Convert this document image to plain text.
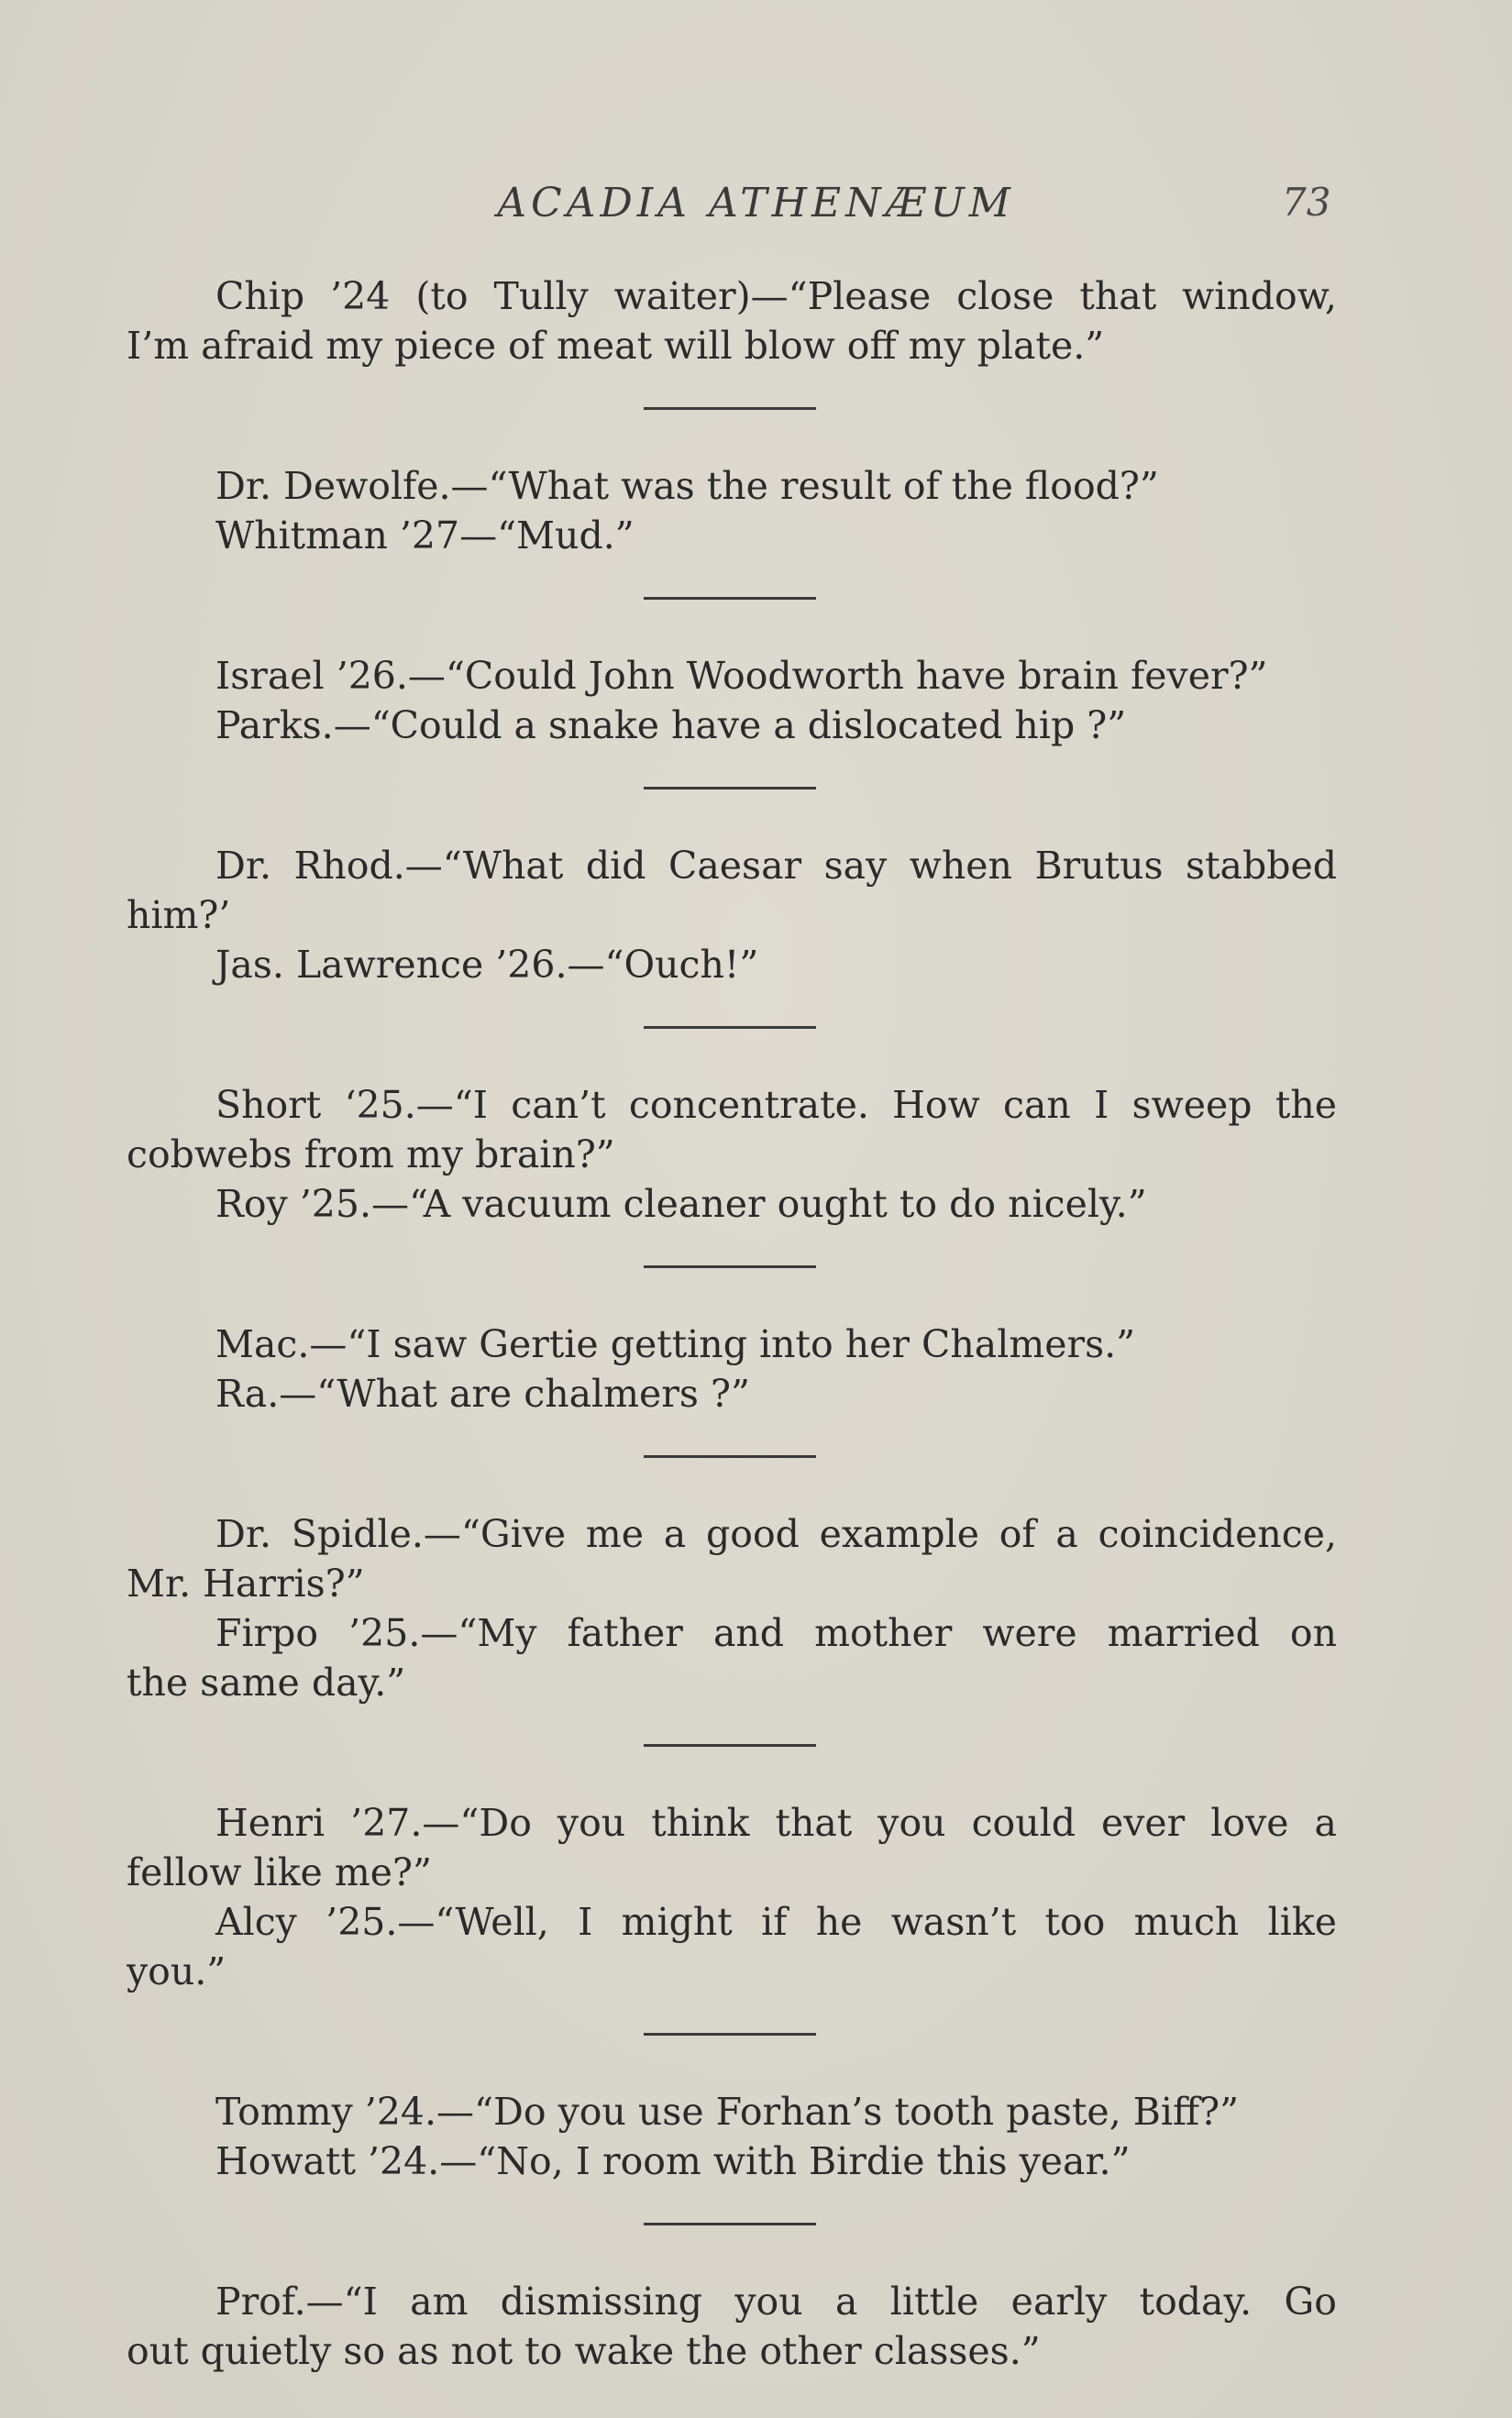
ACADIA ATHENÆUM	73
Chip ’24 (to Tully waiter)—“Please close that window,
I’m afraid my piece of meat will blow off my plate.”
Dr. Dewolfe.—“What was the result of the flood?”
Whitman ’27—“Mud.”
Israel ’26.—“Could John Woodworth have brain fever?”
Parks.—“Could a snake have a dislocated hip ?”
Dr. Rhod.—“What did Caesar say when Brutus stabbed
him?’
Jas. Lawrence ’26.—“Ouch!”
Short ‘25.—“I can’t concentrate. How can I sweep the
cobwebs from my brain?”
Roy ’25.—“A vacuum cleaner ought to do nicely.”
Mac.—“I saw Gertie getting into her Chalmers.”
Ra.—“What are chalmers ?”
Dr. Spidle.—“Give me a good example of a coincidence,
Mr. Harris?”
Firpo ’25.—“My father and mother were married on
the same day.”
Henri ’27.—“Do you think that you could ever love a
fellow like me?”
Alcy ’25.—“Well, I might if he wasn’t too much like
you.”
Tommy ’24.—“Do you use Forhan’s tooth paste, Biff?”
Howatt ’24.—“No, I room with Birdie this year.”
Prof.—“I am dismissing you a little early today. Go
out quietly so as not to wake the other classes.”
